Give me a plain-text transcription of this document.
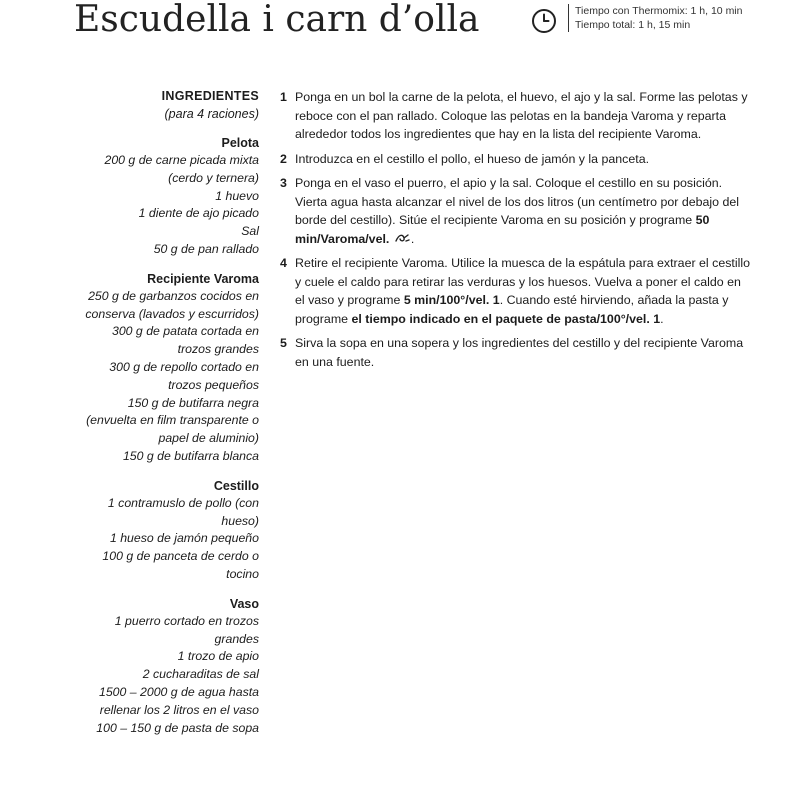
Escudella i carn d’olla	Tiempo con Thermomix: 1 h, 10 min
Tiempo total: 1 h, 15 min
INGREDIENTES
(para 4 raciones)
Pelota
200 g de carne picada mixta
(cerdo y ternera)
1 huevo
1 diente de ajo picado
Sal
50 g de pan rallado
Recipiente Varoma
250 g de garbanzos cocidos en
conserva (lavados y escurridos)
300 g de patata cortada en
trozos grandes
300 g de repollo cortado en
trozos pequeños
150 g de butifarra negra
(envuelta en film transparente o
papel de aluminio)
150 g de butifarra blanca
Cestillo
1 contramuslo de pollo (con
hueso)
1 hueso de jamón pequeño
100 g de panceta de cerdo o
tocino
Vaso
1 puerro cortado en trozos
grandes
1 trozo de apio
2 cucharaditas de sal
1500 – 2000 g de agua hasta
rellenar los 2 litros en el vaso
100 – 150 g de pasta de sopa
1 Ponga en un bol la carne de la pelota, el huevo, el ajo y la sal. Forme las pelotas y reboce con el pan rallado. Coloque las pelotas en la bandeja Varoma y reparta alrededor todos los ingredientes que hay en la lista del recipiente Varoma.
2 Introduzca en el cestillo el pollo, el hueso de jamón y la panceta.
3 Ponga en el vaso el puerro, el apio y la sal. Coloque el cestillo en su posición. Vierta agua hasta alcanzar el nivel de los dos litros (un centímetro por debajo del borde del cestillo). Sitúe el recipiente Varoma en su posición y programe 50 min/Varoma/vel. .
4 Retire el recipiente Varoma. Utilice la muesca de la espátula para extraer el cestillo y cuele el caldo para retirar las verduras y los huesos. Vuelva a poner el caldo en el vaso y programe 5 min/100°/vel. 1. Cuando esté hirviendo, añada la pasta y programe el tiempo indicado en el paquete de pasta/100°/vel. 1.
5 Sirva la sopa en una sopera y los ingredientes del cestillo y del recipiente Varoma en una fuente.
